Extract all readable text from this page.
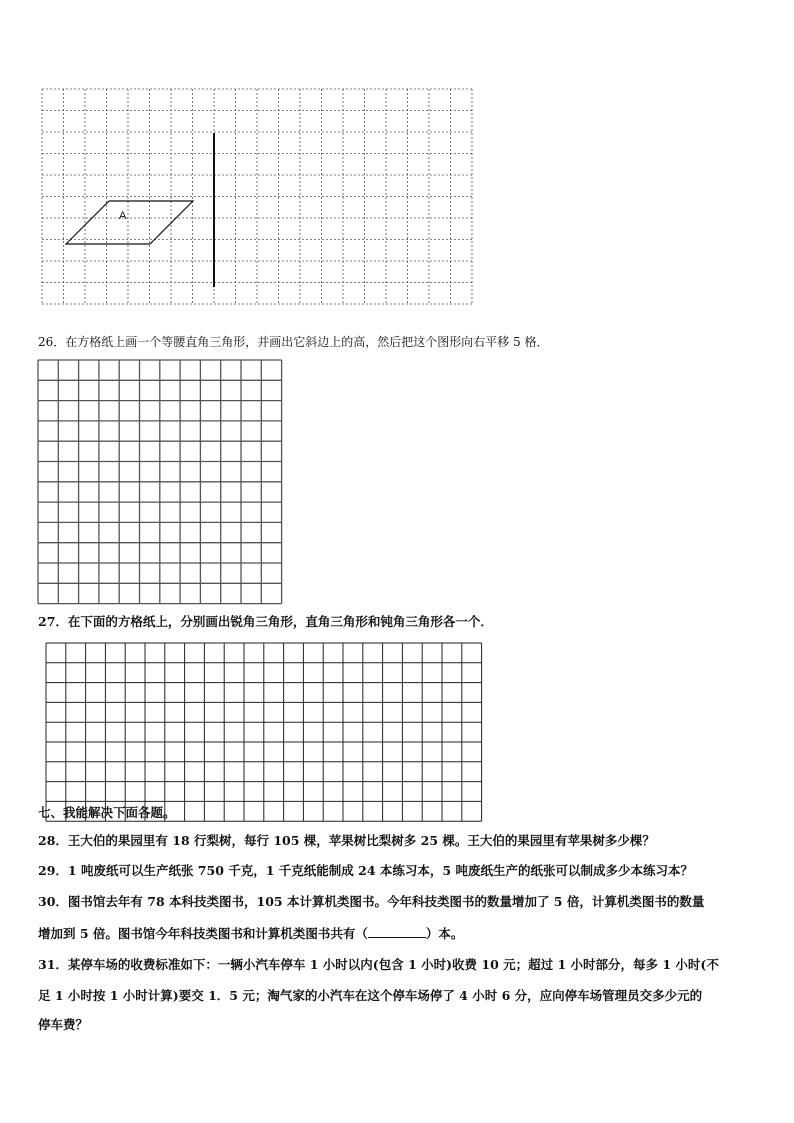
A
26．在方格纸上画一个等腰直角三角形，并画出它斜边上的高，然后把这个图形向右平移 5 格．
27．在下面的方格纸上，分别画出锐角三角形，直角三角形和钝角三角形各一个．
七、我能解决下面各题。
28．王大伯的果园里有 18 行梨树，每行 105 棵，苹果树比梨树多 25 棵。王大伯的果园里有苹果树多少棵？
29．1 吨废纸可以生产纸张 750 千克，1 千克纸能制成 24 本练习本，5 吨废纸生产的纸张可以制成多少本练习本？
30．图书馆去年有 78 本科技类图书，105 本计算机类图书。今年科技类图书的数量增加了 5 倍，计算机类图书的数量
增加到 5 倍。图书馆今年科技类图书和计算机类图书共有（	）本。
31．某停车场的收费标准如下：一辆小汽车停车 1 小时以内(包含 1 小时)收费 10 元；超过 1 小时部分，每多 1 小时(不
足 1 小时按 1 小时计算)要交 1．5 元；淘气家的小汽车在这个停车场停了 4 小时 6 分，应向停车场管理员交多少元的
停车费？
